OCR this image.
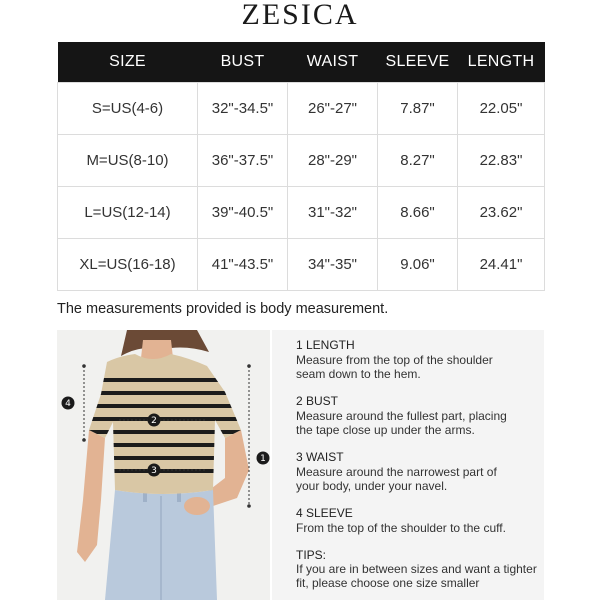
ZESICA
SIZE	BUST	WAIST	SLEEVE	LENGTH
S=US(4-6)	32"-34.5"	26"-27"	7.87"	22.05"
M=US(8-10)	36"-37.5"	28"-29"	8.27"	22.83"
L=US(12-14)	39"-40.5"	31"-32"	8.66"	23.62"
XL=US(16-18)	41"-43.5"	34"-35"	9.06"	24.41"
The measurements provided is body measurement.
1
2
3
4
1 LENGTH
Measure from the top of the shoulder
seam down to the hem.
2 BUST
Measure around the fullest part, placing
the tape close up under the arms.
3 WAIST
Measure around the narrowest part of
your body, under your navel.
4 SLEEVE
From the top of the shoulder to the cuff.
TIPS:
If you are in between sizes and want a tighter
fit, please choose one size smaller
